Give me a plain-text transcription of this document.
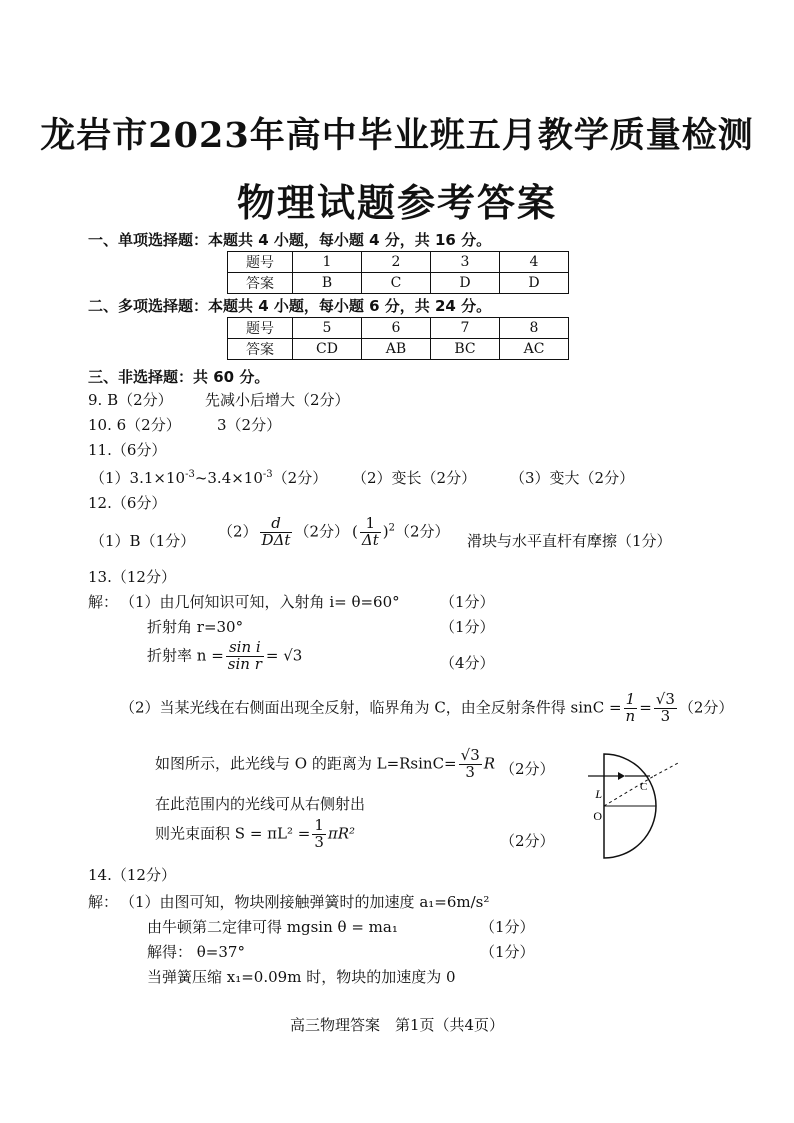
龙岩市2023年高中毕业班五月教学质量检测
物理试题参考答案
一、单项选择题：本题共 4 小题，每小题 4 分，共 16 分。
题号	1	2	3	4
答案	B	C	D	D
二、多项选择题：本题共 4 小题，每小题 6 分，共 24 分。
题号	5	6	7	8
答案	CD	AB	BC	AC
三、非选择题：共 60 分。
9. B（2分） 先减小后增大（2分）
10. 6（2分） 3（2分）
11.（6分）
$(1)3.1\times 10^{-3}\sim 3.4\times 10^{-3}(2$分） （2）变长（2分） （3）变大（2分）
12.（6分）
（1）B（1分）
$(2) \frac{d}{\text{DΔt}} (2$分） ( $\frac{1}{\Delta t} )^2(2$分）
滑块与水平直杆有摩擦（1分）
13.（12分）
解： （1）由几何知识可知，入射角 i= θ=60°	（1分）
折射角 r=30°	（1分）
折射率 $n = \frac{\text{sin i}}{\text{sin r}} = √3$	（4分）
（2）当某光线在右侧面出现全反射，临界角为 C，由全反射条件得 $\sin C = \frac{1}{n} = \frac{√3}{3} (2$分）
如图所示，此光线与 O 的距离为 $L=RsinC= \frac{√3}{3}$ R （2分）
在此范围内的光线可从右侧射出
则光束面积 $S = \pi L^2 = \frac{1}{3} \pi R^2$	（2分）
L
O
C
14.（12分）
解： （1）由图可知，物块刚接触弹簧时的加速度 a₁=6m/s²
由牛顿第二定律可得 mgsin θ = ma₁	（1分）
解得： θ=37°	（1分）
当弹簧压缩 x₁=0.09m 时，物块的加速度为 0
高三物理答案　第1页（共4页）
